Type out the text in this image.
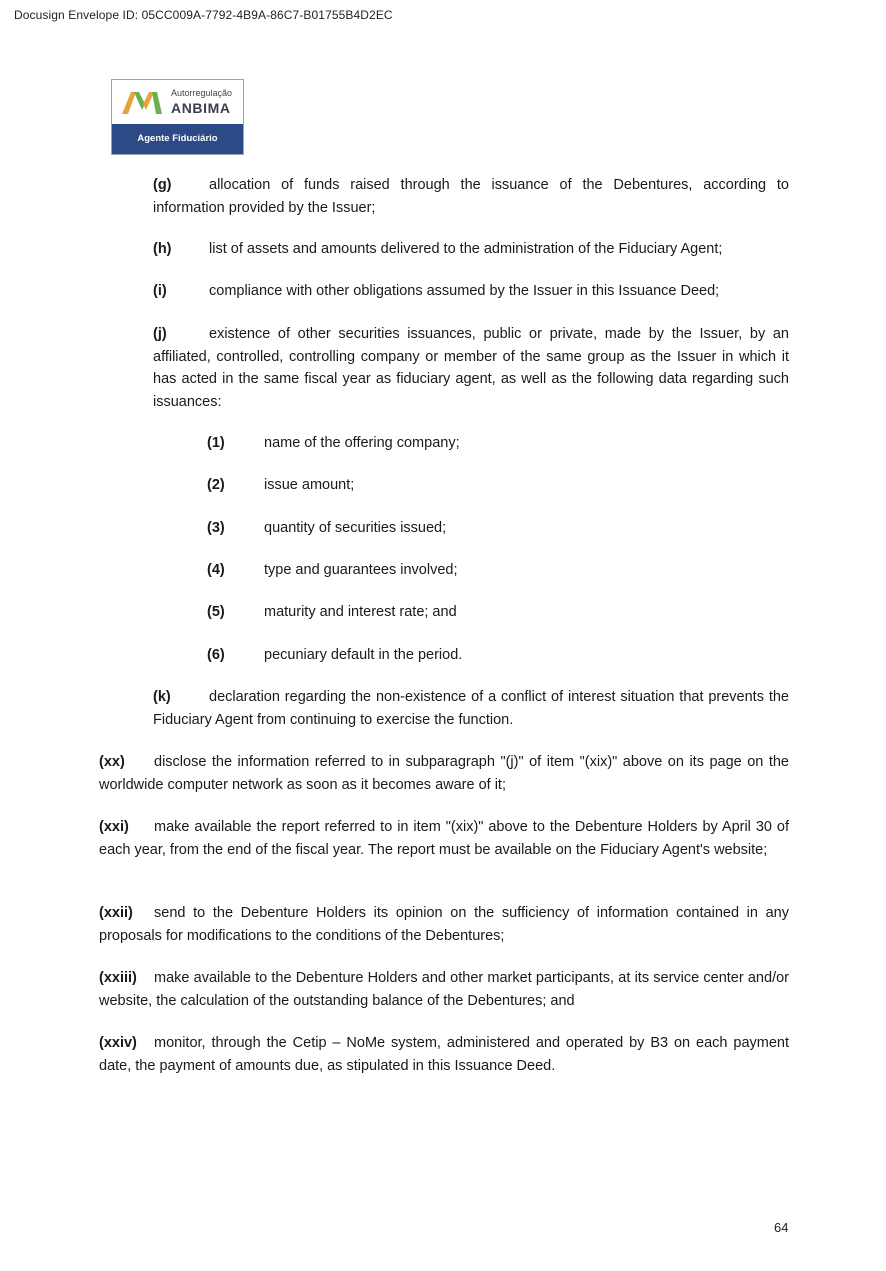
Docusign Envelope ID: 05CC009A-7792-4B9A-86C7-B01755B4D2EC
Autorregulação
ANBIMA
Agente Fiduciário

(g)	allocation of funds raised through the issuance of the Debentures, according to information provided by the Issuer;

(h)	list of assets and amounts delivered to the administration of the Fiduciary Agent;

(i)	compliance with other obligations assumed by the Issuer in this Issuance Deed;

(j)	existence of other securities issuances, public or private, made by the Issuer, by an affiliated, controlled, controlling company or member of the same group as the Issuer in which it has acted in the same fiscal year as fiduciary agent, as well as the following data regarding such issuances:

(1)	name of the offering company;

(2)	issue amount;

(3)	quantity of securities issued;

(4)	type and guarantees involved;

(5)	maturity and interest rate; and

(6)	pecuniary default in the period.

(k)	declaration regarding the non-existence of a conflict of interest situation that prevents the Fiduciary Agent from continuing to exercise the function.

(xx) disclose the information referred to in subparagraph "(j)" of item "(xix)" above on its page on the worldwide computer network as soon as it becomes aware of it;

(xxi) make available the report referred to in item "(xix)" above to the Debenture Holders by April 30 of each year, from the end of the fiscal year. The report must be available on the Fiduciary Agent's website;

(xxii) send to the Debenture Holders its opinion on the sufficiency of information contained in any proposals for modifications to the conditions of the Debentures;

(xxiii) make available to the Debenture Holders and other market participants, at its service center and/or website, the calculation of the outstanding balance of the Debentures; and

(xxiv) monitor, through the Cetip – NoMe system, administered and operated by B3 on each payment date, the payment of amounts due, as stipulated in this Issuance Deed.

64
